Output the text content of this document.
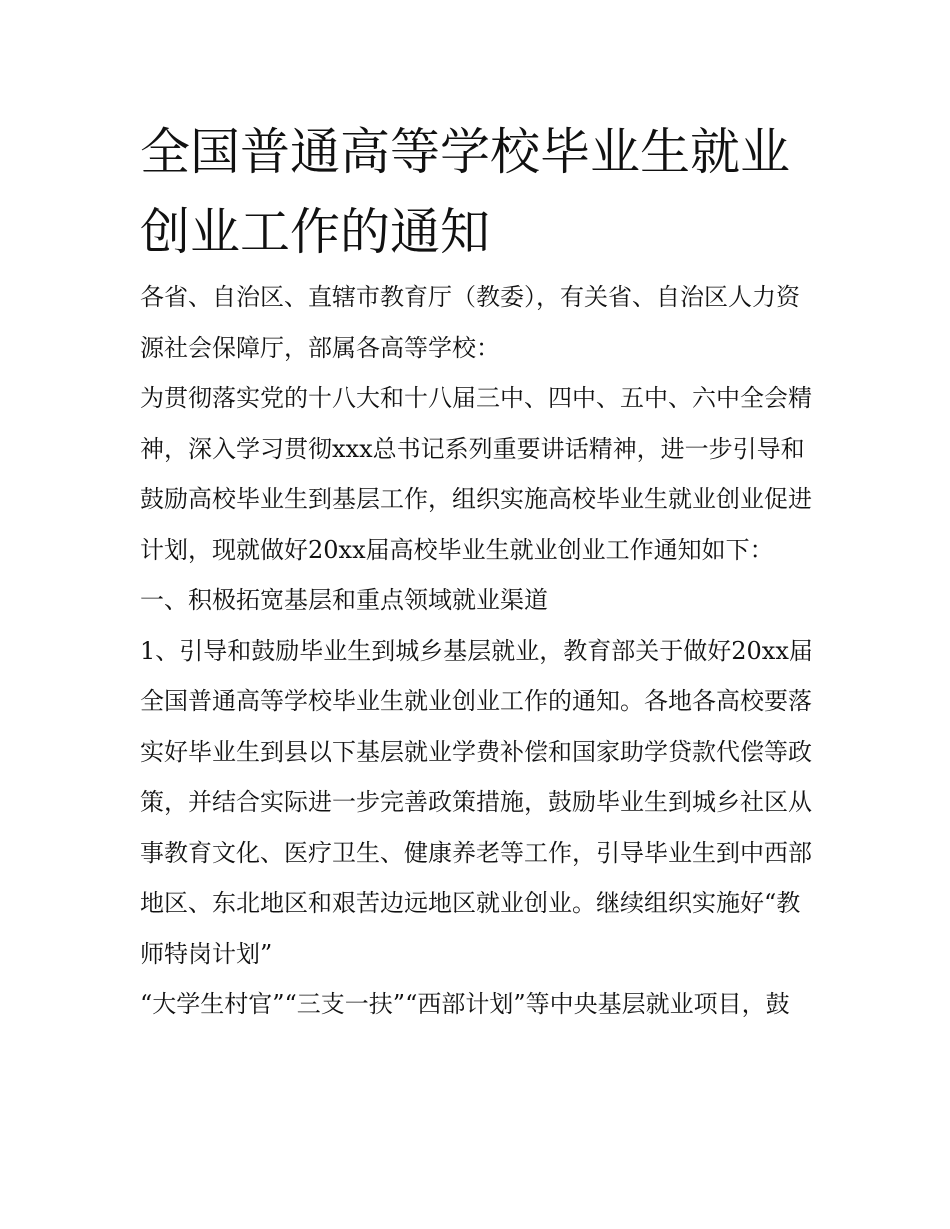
全国普通高等学校毕业生就业创业工作的通知

各省、自治区、直辖市教育厅（教委），有关省、自治区人力资源社会保障厅，部属各高等学校：

为贯彻落实党的十八大和十八届三中、四中、五中、六中全会精神，深入学习贯彻xxx总书记系列重要讲话精神，进一步引导和鼓励高校毕业生到基层工作，组织实施高校毕业生就业创业促进计划，现就做好20xx届高校毕业生就业创业工作通知如下：

一、积极拓宽基层和重点领域就业渠道

1、引导和鼓励毕业生到城乡基层就业，教育部关于做好20xx届全国普通高等学校毕业生就业创业工作的通知。各地各高校要落实好毕业生到县以下基层就业学费补偿和国家助学贷款代偿等政策，并结合实际进一步完善政策措施，鼓励毕业生到城乡社区从事教育文化、医疗卫生、健康养老等工作，引导毕业生到中西部地区、东北地区和艰苦边远地区就业创业。继续组织实施好“教师特岗计划”

“大学生村官”“三支一扶”“西部计划”等中央基层就业项目，鼓
